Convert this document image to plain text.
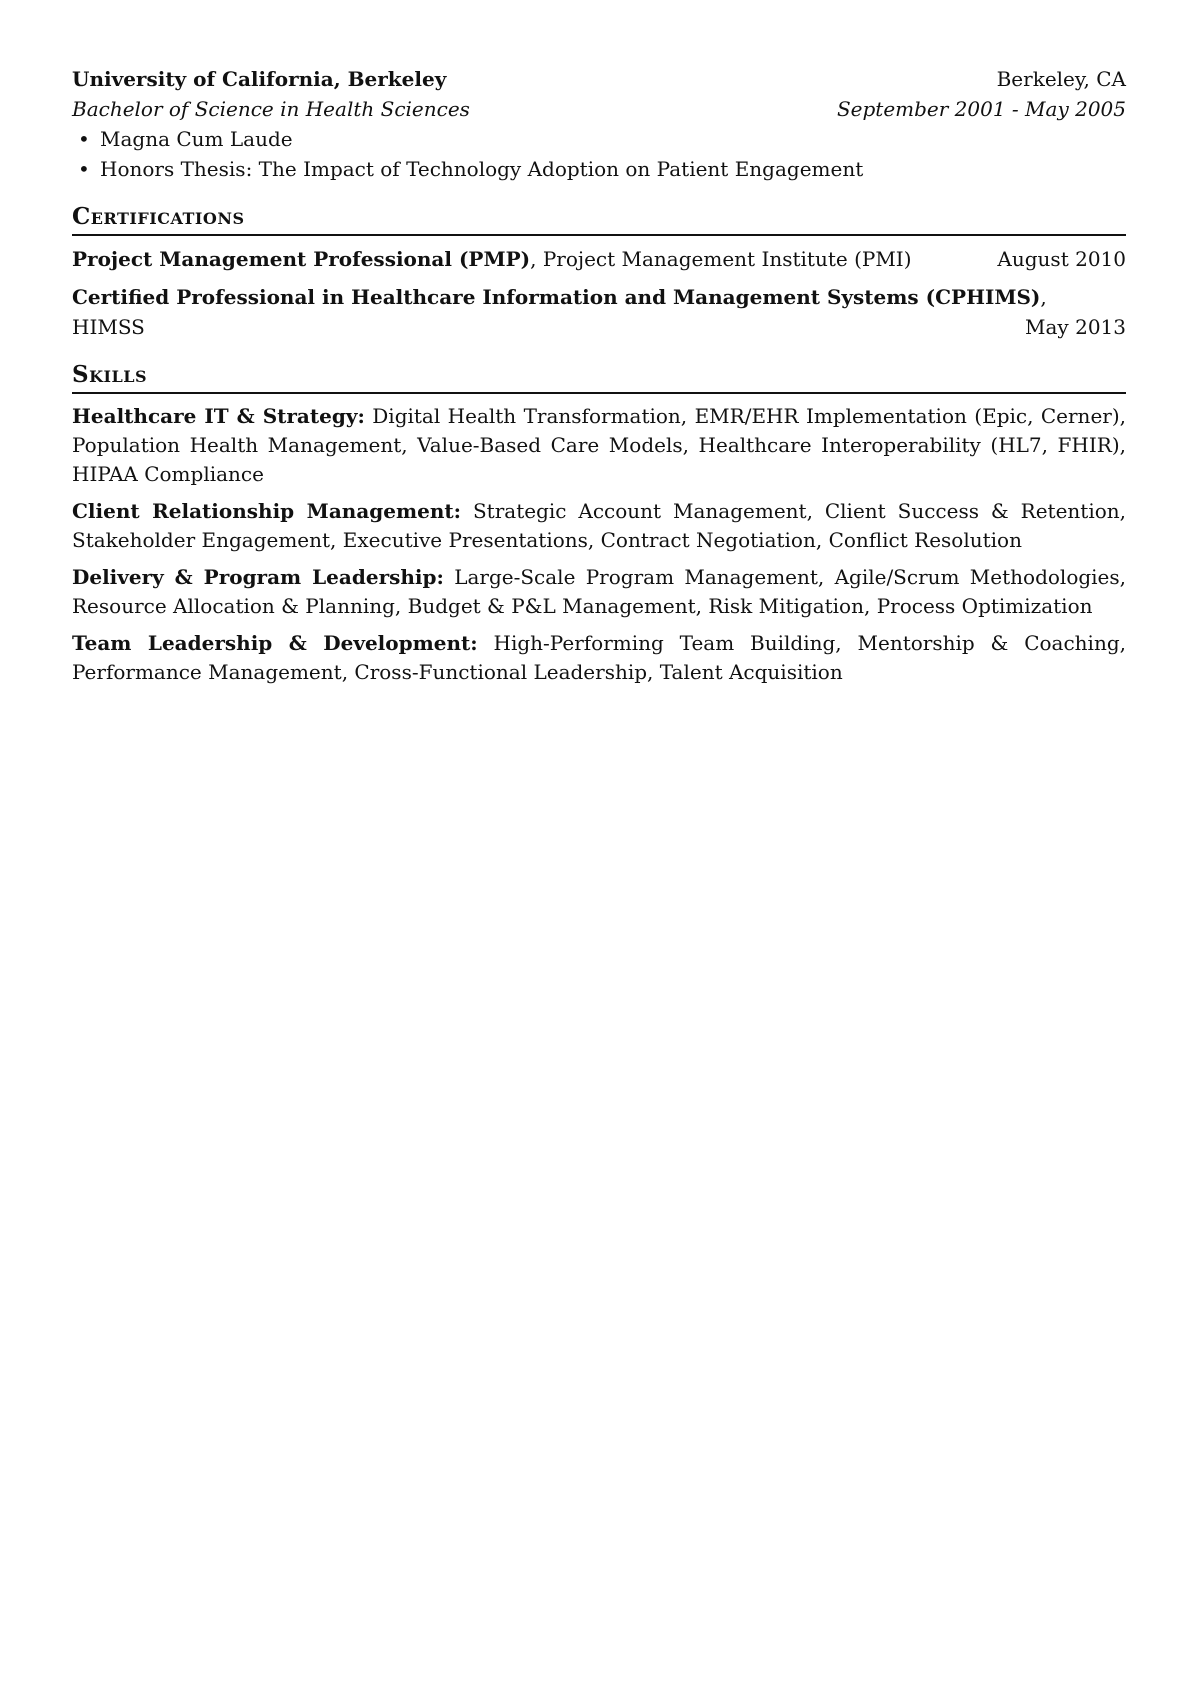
University of California, Berkeley	Berkeley, CA
Bachelor of Science in Health Sciences	September 2001 - May 2005
• Magna Cum Laude
• Honors Thesis: The Impact of Technology Adoption on Patient Engagement
Certifications
Project Management Professional (PMP), Project Management Institute (PMI)	August 2010
Certified Professional in Healthcare Information and Management Systems (CPHIMS),
HIMSS	May 2013
Skills
Healthcare IT & Strategy: Digital Health Transformation, EMR/EHR Implementation (Epic, Cerner), Population Health Management, Value-Based Care Models, Healthcare Interoperability (HL7, FHIR), HIPAA Compliance
Client Relationship Management: Strategic Account Management, Client Success & Retention, Stakeholder Engagement, Executive Presentations, Contract Negotiation, Conflict Resolution
Delivery & Program Leadership: Large-Scale Program Management, Agile/Scrum Methodologies, Resource Allocation & Planning, Budget & P&L Management, Risk Mitigation, Process Optimization
Team Leadership & Development: High-Performing Team Building, Mentorship & Coaching, Performance Management, Cross-Functional Leadership, Talent Acquisition
